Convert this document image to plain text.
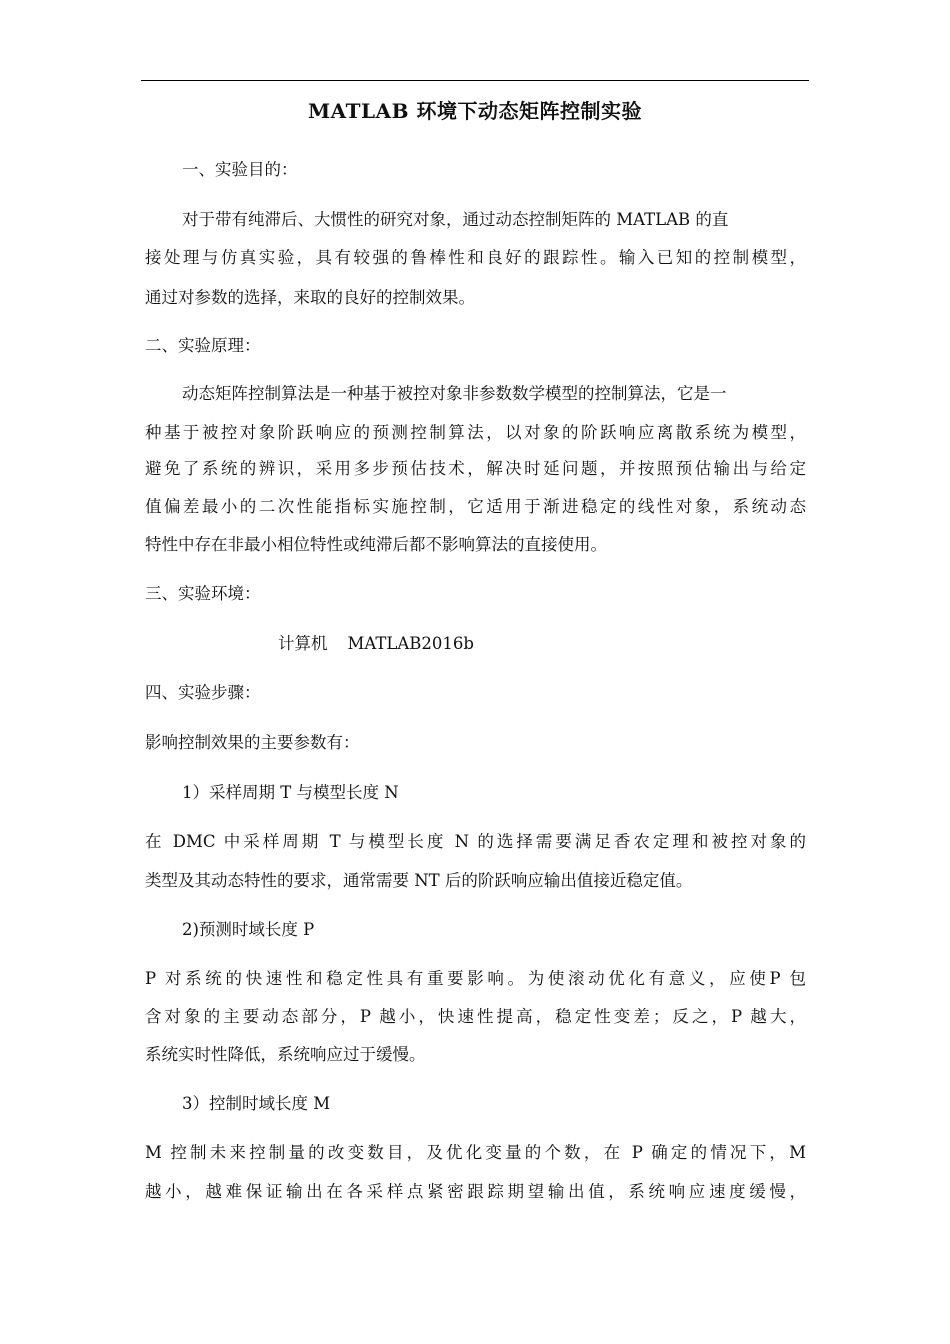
MATLAB 环境下动态矩阵控制实验
一、实验目的：
对于带有纯滞后、大惯性的研究对象，通过动态控制矩阵的 MATLAB 的直
接处理与仿真实验，具有较强的鲁棒性和良好的跟踪性。输入已知的控制模型，
通过对参数的选择，来取的良好的控制效果。
二、实验原理：
动态矩阵控制算法是一种基于被控对象非参数数学模型的控制算法，它是一
种基于被控对象阶跃响应的预测控制算法，以对象的阶跃响应离散系统为模型，
避免了系统的辨识，采用多步预估技术，解决时延问题，并按照预估输出与给定
值偏差最小的二次性能指标实施控制，它适用于渐进稳定的线性对象，系统动态
特性中存在非最小相位特性或纯滞后都不影响算法的直接使用。
三、实验环境：
计算机 MATLAB2016b
四、实验步骤：
影响控制效果的主要参数有：
1）采样周期 T 与模型长度 N
在 DMC 中采样周期 T 与模型长度 N 的选择需要满足香农定理和被控对象的
类型及其动态特性的要求，通常需要 NT 后的阶跃响应输出值接近稳定值。
2)预测时域长度 P
P 对系统的快速性和稳定性具有重要影响。为使滚动优化有意义，应使P 包
含对象的主要动态部分，P 越小，快速性提高，稳定性变差；反之，P 越大，
系统实时性降低，系统响应过于缓慢。
3）控制时域长度 M
M 控制未来控制量的改变数目，及优化变量的个数，在 P 确定的情况下，M
越小，越难保证输出在各采样点紧密跟踪期望输出值，系统响应速度缓慢，
